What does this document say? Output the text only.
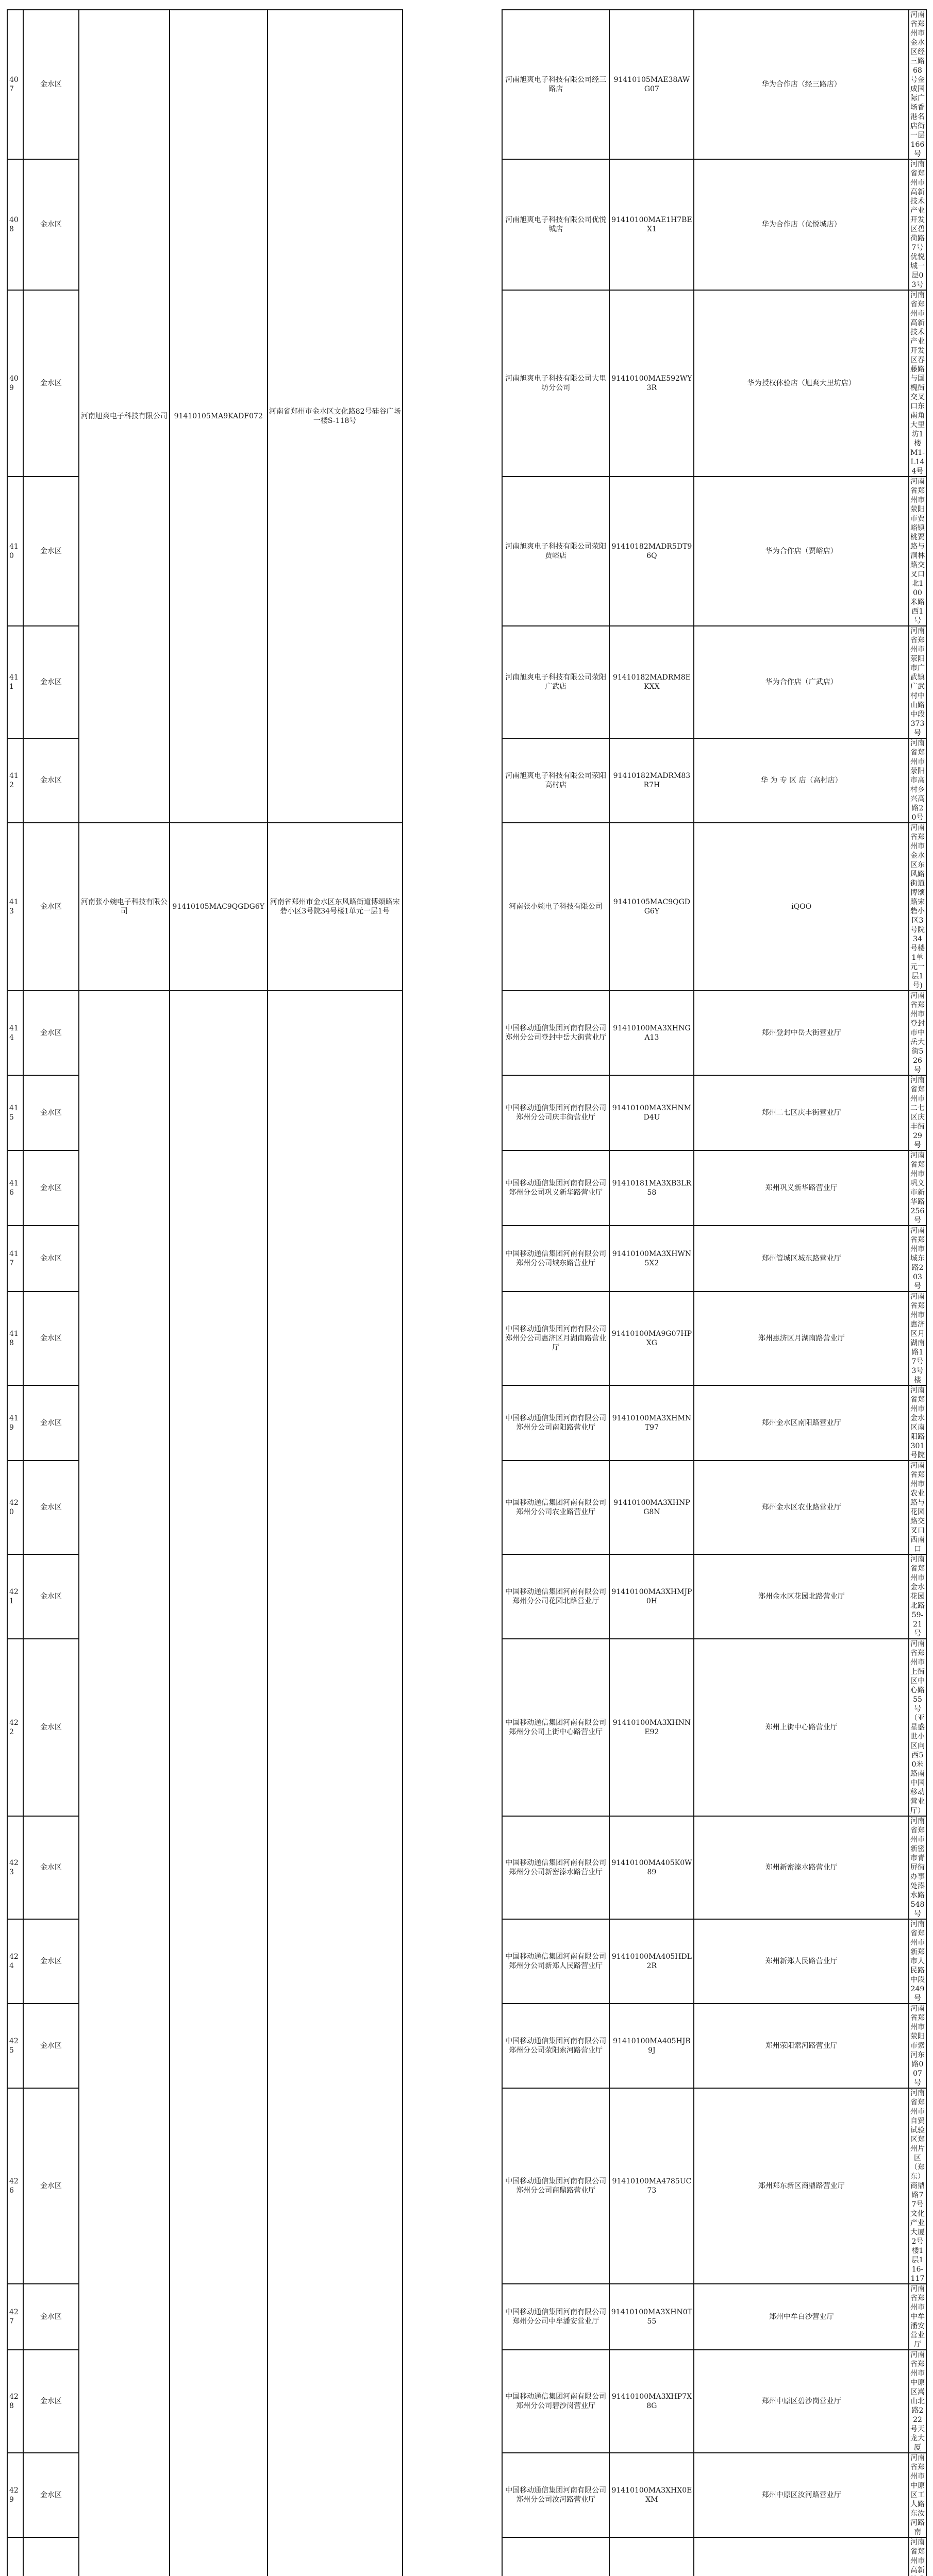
407	金水区	河南旭爽电子科技有限公司	91410105MA9KADF072	河南省郑州市金水区文化路82号硅谷广场一楼S-118号		河南旭爽电子科技有限公司经三路店	91410105MAE38AWG07	华为合作店（经三路店）	河南省郑州市金水区经三路68号金成国际广场香港名店街一层166号		
408	金水区					河南旭爽电子科技有限公司优悦城店	91410100MAE1H7BEX1	华为合作店（优悦城店）	河南省郑州市高新技术产业开发区碧荷路7号优悦城一层03号		
409	金水区					河南旭爽电子科技有限公司大里坊分公司	91410100MAE592WY3R	华为授权体验店（旭爽大里坊店）	河南省郑州市高新技术产业开发区春藤路与国槐街交叉口东南角大里坊1楼M1-L144号		
410	金水区					河南旭爽电子科技有限公司荥阳贾峪店	91410182MADR5DT96Q	华为合作店（贾峪店）	河南省郑州市荥阳市贾峪镇桃贾路与洞林路交叉口北100米路西1号		
411	金水区					河南旭爽电子科技有限公司荥阳广武店	91410182MADRM8EKXX	华为合作店（广武店）	河南省郑州市荥阳市广武镇广武村中山路中段373号		
412	金水区					河南旭爽电子科技有限公司荥阳高村店	91410182MADRM83R7H	华 为 专 区 店（高村店）	河南省郑州市荥阳市高村乡兴高路20号		
413	金水区	河南张小婉电子科技有限公司	91410105MAC9QGDG6Y	河南省郑州市金水区东风路街道博颂路宋砦小区3号院34号楼1单元一层1号		河南张小婉电子科技有限公司	91410105MAC9QGDG6Y	iQOO	河南省郑州市金水区东风路街道博颂路宋砦小区3号院34号楼1单元一层1号)		
414	金水区					中国移动通信集团河南有限公司郑州分公司登封中岳大街营业厅	91410100MA3XHNGA13	郑州登封中岳大街营业厅	河南省郑州市登封市中岳大街526号		
415	金水区					中国移动通信集团河南有限公司郑州分公司庆丰街营业厅	91410100MA3XHNMD4U	郑州二七区庆丰街营业厅	河南省郑州市二七区庆丰街29号		
416	金水区					中国移动通信集团河南有限公司郑州分公司巩义新华路营业厅	91410181MA3XB3LR58	郑州巩义新华路营业厅	河南省郑州市巩义市新华路256号		
417	金水区					中国移动通信集团河南有限公司郑州分公司城东路营业厅	91410100MA3XHWN5X2	郑州管城区城东路营业厅	河南省郑州市城东路203号		
418	金水区					中国移动通信集团河南有限公司郑州分公司惠济区月湖南路营业厅	91410100MA9G07HPXG	郑州惠济区月湖南路营业厅	河南省郑州市惠济区月湖南路17号3号楼		
419	金水区					中国移动通信集团河南有限公司郑州分公司南阳路营业厅	91410100MA3XHMNT97	郑州金水区南阳路营业厅	河南省郑州市金水区南阳路301号院		
420	金水区					中国移动通信集团河南有限公司郑州分公司农业路营业厅	91410100MA3XHNPG8N	郑州金水区农业路营业厅	河南省郑州市农业路与花园路交叉口西南口		
421	金水区					中国移动通信集团河南有限公司郑州分公司花园北路营业厅	91410100MA3XHMJP0H	郑州金水区花园北路营业厅	河南省郑州市金水花园北路59-21号		
422	金水区					中国移动通信集团河南有限公司郑州分公司上街中心路营业厅	91410100MA3XHNNE92	郑州上街中心路营业厅	河南省郑州市上街区中心路55号（亚星盛世小区向西50米路南中国移动营业厅）		
423	金水区					中国移动通信集团河南有限公司郑州分公司新密溱水路营业厅	91410100MA405K0W89	郑州新密溱水路营业厅	河南省郑州市新密市青屏街办事处溱水路548号		
424	金水区					中国移动通信集团河南有限公司郑州分公司新郑人民路营业厅	91410100MA405HDL2R	郑州新郑人民路营业厅	河南省郑州市新郑市人民路中段249号		
425	金水区					中国移动通信集团河南有限公司郑州分公司荥阳索河路营业厅	91410100MA405HJB9J	郑州荥阳索河路营业厅	河南省郑州市荥阳市索河东路007号		
426	金水区					中国移动通信集团河南有限公司郑州分公司商鼎路营业厅	91410100MA4785UC73	郑州郑东新区商鼎路营业厅	河南省郑州市自贸试验区郑州片区（郑东）商鼎路77号文化产业大厦2号楼1层116-117		
427	金水区					中国移动通信集团河南有限公司郑州分公司中牟潘安营业厅	91410100MA3XHN0T55	郑州中牟白沙营业厅	河南省郑州市中牟潘安营业厅		
428	金水区					中国移动通信集团河南有限公司郑州分公司碧沙岗营业厅	91410100MA3XHP7X8G	郑州中原区碧沙岗营业厅	河南省郑州市中原区嵩山北路222号天龙大厦		
429	金水区					中国移动通信集团河南有限公司郑州分公司汝河路营业厅	91410100MA3XHX0EXM	郑州中原区汝河路营业厅	河南省郑州市中原区工人路东汝河路南		
					河南省郑州市高新		
